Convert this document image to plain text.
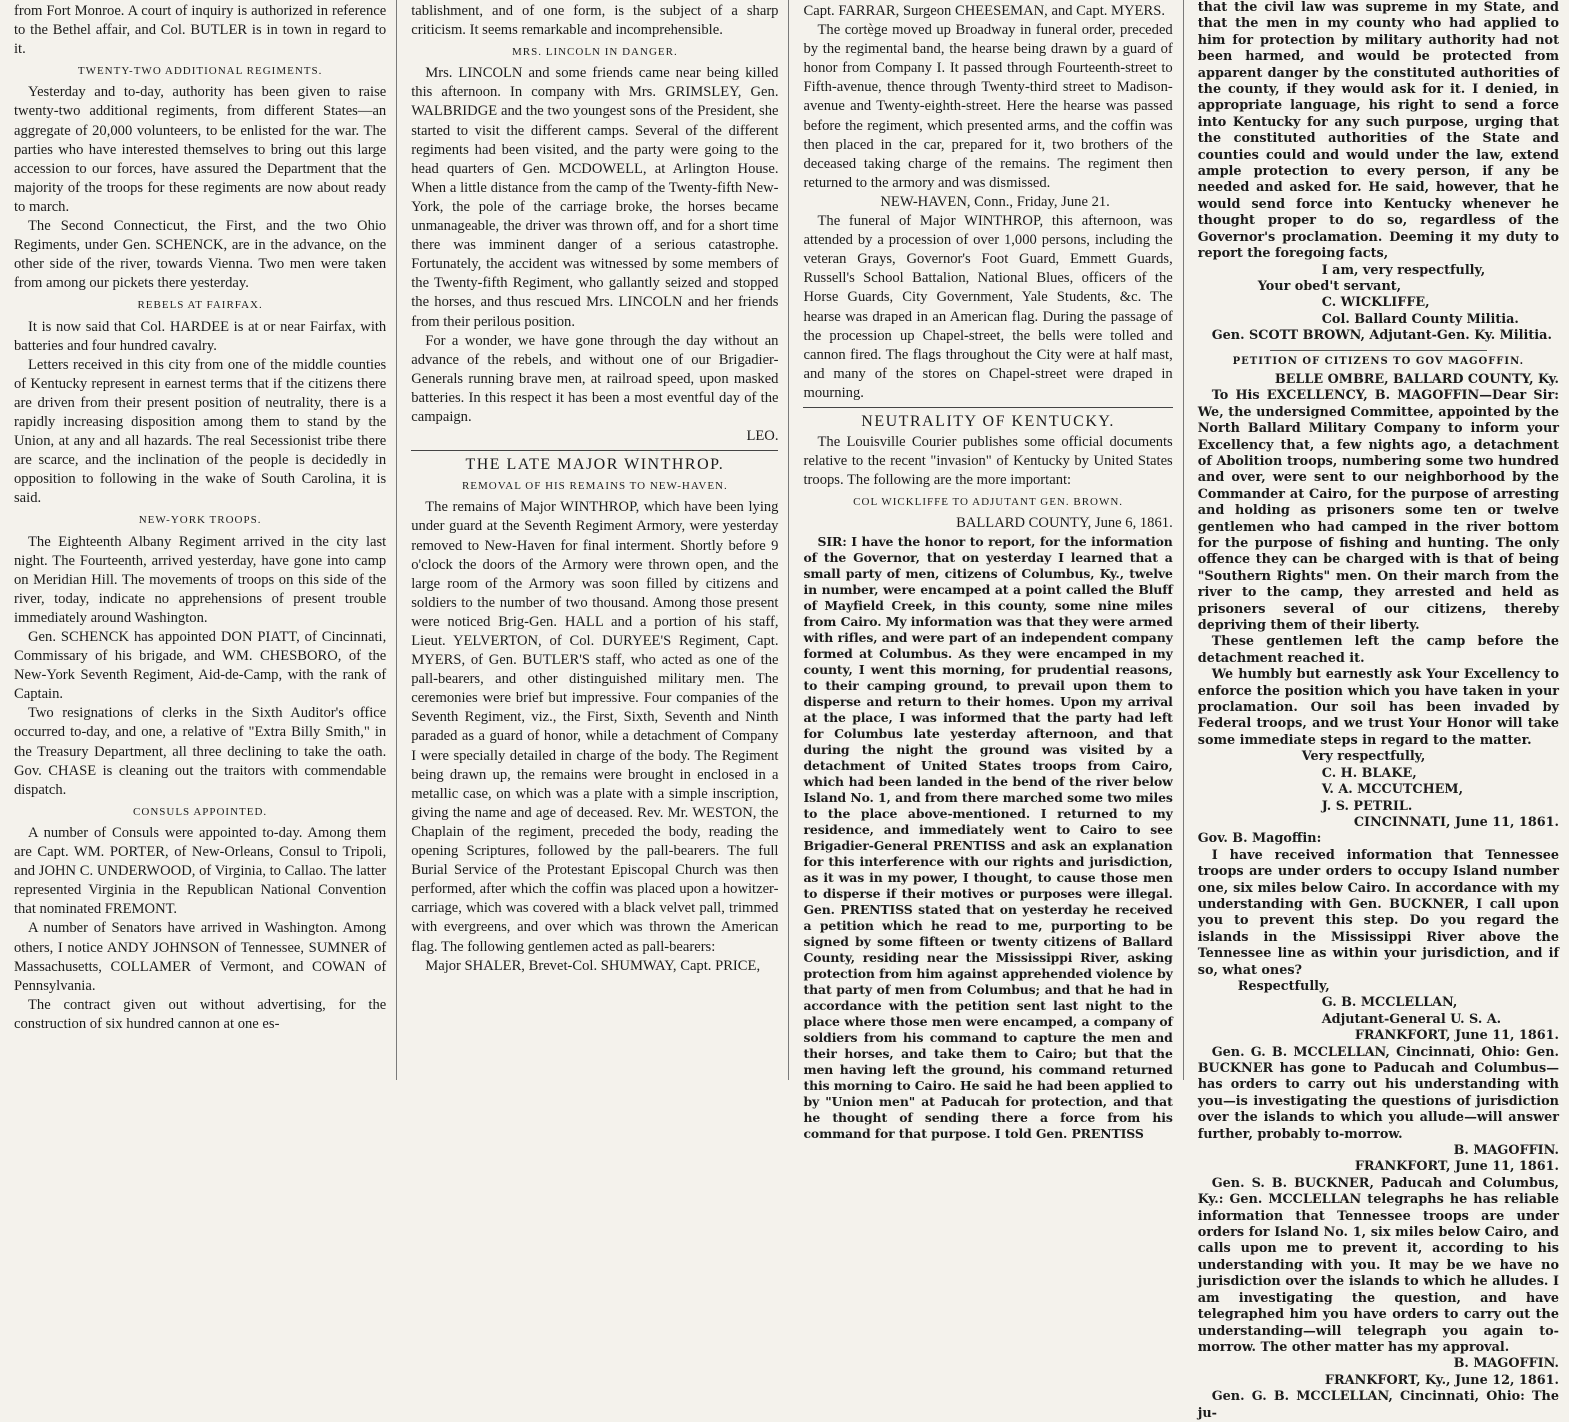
from Fort Monroe. A court of inquiry is authorized in reference to the Bethel affair, and Col. BUTLER is in town in regard to it.

TWENTY-TWO ADDITIONAL REGIMENTS.

Yesterday and to-day, authority has been given to raise twenty-two additional regiments, from different States—an aggregate of 20,000 volunteers, to be enlisted for the war. The parties who have interested themselves to bring out this large accession to our forces, have assured the Department that the majority of the troops for these regiments are now about ready to march.

The Second Connecticut, the First, and the two Ohio Regiments, under Gen. SCHENCK, are in the advance, on the other side of the river, towards Vienna. Two men were taken from among our pickets there yesterday.

REBELS AT FAIRFAX.

It is now said that Col. HARDEE is at or near Fairfax, with batteries and four hundred cavalry.

Letters received in this city from one of the middle counties of Kentucky represent in earnest terms that if the citizens there are driven from their present position of neutrality, there is a rapidly increasing disposition among them to stand by the Union, at any and all hazards. The real Secessionist tribe there are scarce, and the inclination of the people is decidedly in opposition to following in the wake of South Carolina, it is said.

NEW-YORK TROOPS.

The Eighteenth Albany Regiment arrived in the city last night. The Fourteenth, arrived yesterday, have gone into camp on Meridian Hill. The movements of troops on this side of the river, today, indicate no apprehensions of present trouble immediately around Washington.

Gen. SCHENCK has appointed DON PIATT, of Cincinnati, Commissary of his brigade, and WM. CHESBORO, of the New-York Seventh Regiment, Aid-de-Camp, with the rank of Captain.

Two resignations of clerks in the Sixth Auditor's office occurred to-day, and one, a relative of "Extra Billy Smith," in the Treasury Department, all three declining to take the oath. Gov. CHASE is cleaning out the traitors with commendable dispatch.

CONSULS APPOINTED.

A number of Consuls were appointed to-day. Among them are Capt. WM. PORTER, of New-Orleans, Consul to Tripoli, and JOHN C. UNDERWOOD, of Virginia, to Callao. The latter represented Virginia in the Republican National Convention that nominated FREMONT.

A number of Senators have arrived in Washington. Among others, I notice ANDY JOHNSON of Tennessee, SUMNER of Massachusetts, COLLAMER of Vermont, and COWAN of Pennsylvania.

The contract given out without advertising, for the construction of six hundred cannon at one es-

tablishment, and of one form, is the subject of a sharp criticism. It seems remarkable and incomprehensible.

MRS. LINCOLN IN DANGER.

Mrs. LINCOLN and some friends came near being killed this afternoon. In company with Mrs. GRIMSLEY, Gen. WALBRIDGE and the two youngest sons of the President, she started to visit the different camps. Several of the different regiments had been visited, and the party were going to the head quarters of Gen. MCDOWELL, at Arlington House. When a little distance from the camp of the Twenty-fifth New-York, the pole of the carriage broke, the horses became unmanageable, the driver was thrown off, and for a short time there was imminent danger of a serious catastrophe. Fortunately, the accident was witnessed by some members of the Twenty-fifth Regiment, who gallantly seized and stopped the horses, and thus rescued Mrs. LINCOLN and her friends from their perilous position.

For a wonder, we have gone through the day without an advance of the rebels, and without one of our Brigadier-Generals running brave men, at railroad speed, upon masked batteries. In this respect it has been a most eventful day of the campaign.

LEO.

THE LATE MAJOR WINTHROP.
REMOVAL OF HIS REMAINS TO NEW-HAVEN.

The remains of Major WINTHROP, which have been lying under guard at the Seventh Regiment Armory, were yesterday removed to New-Haven for final interment. Shortly before 9 o'clock the doors of the Armory were thrown open, and the large room of the Armory was soon filled by citizens and soldiers to the number of two thousand. Among those present were noticed Brig-Gen. HALL and a portion of his staff, Lieut. YELVERTON, of Col. DURYEE'S Regiment, Capt. MYERS, of Gen. BUTLER'S staff, who acted as one of the pall-bearers, and other distinguished military men. The ceremonies were brief but impressive. Four companies of the Seventh Regiment, viz., the First, Sixth, Seventh and Ninth paraded as a guard of honor, while a detachment of Company I were specially detailed in charge of the body. The Regiment being drawn up, the remains were brought in enclosed in a metallic case, on which was a plate with a simple inscription, giving the name and age of deceased. Rev. Mr. WESTON, the Chaplain of the regiment, preceded the body, reading the opening Scriptures, followed by the pall-bearers. The full Burial Service of the Protestant Episcopal Church was then performed, after which the coffin was placed upon a howitzer-carriage, which was covered with a black velvet pall, trimmed with evergreens, and over which was thrown the American flag. The following gentlemen acted as pall-bearers:

Major SHALER, Brevet-Col. SHUMWAY, Capt. PRICE,

Capt. FARRAR, Surgeon CHEESEMAN, and Capt. MYERS.

The cortège moved up Broadway in funeral order, preceded by the regimental band, the hearse being drawn by a guard of honor from Company I. It passed through Fourteenth-street to Fifth-avenue, thence through Twenty-third street to Madison-avenue and Twenty-eighth-street. Here the hearse was passed before the regiment, which presented arms, and the coffin was then placed in the car, prepared for it, two brothers of the deceased taking charge of the remains. The regiment then returned to the armory and was dismissed.

NEW-HAVEN, Conn., Friday, June 21.

The funeral of Major WINTHROP, this afternoon, was attended by a procession of over 1,000 persons, including the veteran Grays, Governor's Foot Guard, Emmett Guards, Russell's School Battalion, National Blues, officers of the Horse Guards, City Government, Yale Students, &c. The hearse was draped in an American flag. During the passage of the procession up Chapel-street, the bells were tolled and cannon fired. The flags throughout the City were at half mast, and many of the stores on Chapel-street were draped in mourning.

NEUTRALITY OF KENTUCKY.

The Louisville Courier publishes some official documents relative to the recent "invasion" of Kentucky by United States troops. The following are the more important:

COL WICKLIFFE TO ADJUTANT GEN. BROWN.

BALLARD COUNTY, June 6, 1861.

SIR: I have the honor to report, for the information of the Governor, that on yesterday I learned that a small party of men, citizens of Columbus, Ky., twelve in number, were encamped at a point called the Bluff of Mayfield Creek, in this county, some nine miles from Cairo. My information was that they were armed with rifles, and were part of an independent company formed at Columbus. As they were encamped in my county, I went this morning, for prudential reasons, to their camping ground, to prevail upon them to disperse and return to their homes. Upon my arrival at the place, I was informed that the party had left for Columbus late yesterday afternoon, and that during the night the ground was visited by a detachment of United States troops from Cairo, which had been landed in the bend of the river below Island No. 1, and from there marched some two miles to the place above-mentioned. I returned to my residence, and immediately went to Cairo to see Brigadier-General PRENTISS and ask an explanation for this interference with our rights and jurisdiction, as it was in my power, I thought, to cause those men to disperse if their motives or purposes were illegal. Gen. PRENTISS stated that on yesterday he received a petition which he read to me, purporting to be signed by some fifteen or twenty citizens of Ballard County, residing near the Mississippi River, asking protection from him against apprehended violence by that party of men from Columbus; and that he had in accordance with the petition sent last night to the place where those men were encamped, a company of soldiers from his command to capture the men and their horses, and take them to Cairo; but that the men having left the ground, his command returned this morning to Cairo. He said he had been applied to by "Union men" at Paducah for protection, and that he thought of sending there a force from his command for that purpose. I told Gen. PRENTISS

that the civil law was supreme in my State, and that the men in my county who had applied to him for protection by military authority had not been harmed, and would be protected from apparent danger by the constituted authorities of the county, if they would ask for it. I denied, in appropriate language, his right to send a force into Kentucky for any such purpose, urging that the constituted authorities of the State and counties could and would under the law, extend ample protection to every person, if any be needed and asked for. He said, however, that he would send force into Kentucky whenever he thought proper to do so, regardless of the Governor's proclamation. Deeming it my duty to report the foregoing facts,

I am, very respectfully,

Your obed't servant,

C. WICKLIFFE,

Col. Ballard County Militia.

Gen. SCOTT BROWN, Adjutant-Gen. Ky. Militia.

PETITION OF CITIZENS TO GOV MAGOFFIN.

BELLE OMBRE, BALLARD COUNTY, Ky.

To His EXCELLENCY, B. MAGOFFIN—Dear Sir: We, the undersigned Committee, appointed by the North Ballard Military Company to inform your Excellency that, a few nights ago, a detachment of Abolition troops, numbering some two hundred and over, were sent to our neighborhood by the Commander at Cairo, for the purpose of arresting and holding as prisoners some ten or twelve gentlemen who had camped in the river bottom for the purpose of fishing and hunting. The only offence they can be charged with is that of being "Southern Rights" men. On their march from the river to the camp, they arrested and held as prisoners several of our citizens, thereby depriving them of their liberty.

These gentlemen left the camp before the detachment reached it.

We humbly but earnestly ask Your Excellency to enforce the position which you have taken in your proclamation. Our soil has been invaded by Federal troops, and we trust Your Honor will take some immediate steps in regard to the matter.

Very respectfully,

C. H. BLAKE,

V. A. MCCUTCHEM,

J. S. PETRIL.

CINCINNATI, June 11, 1861.

Gov. B. Magoffin:

I have received information that Tennessee troops are under orders to occupy Island number one, six miles below Cairo. In accordance with my understanding with Gen. BUCKNER, I call upon you to prevent this step. Do you regard the islands in the Mississippi River above the Tennessee line as within your jurisdiction, and if so, what ones?

Respectfully,

G. B. MCCLELLAN,

Adjutant-General U. S. A.

FRANKFORT, June 11, 1861.

Gen. G. B. MCCLELLAN, Cincinnati, Ohio: Gen. BUCKNER has gone to Paducah and Columbus—has orders to carry out his understanding with you—is investigating the questions of jurisdiction over the islands to which you allude—will answer further, probably to-morrow.

B. MAGOFFIN.

FRANKFORT, June 11, 1861.

Gen. S. B. BUCKNER, Paducah and Columbus, Ky.: Gen. MCCLELLAN telegraphs he has reliable information that Tennessee troops are under orders for Island No. 1, six miles below Cairo, and calls upon me to prevent it, according to his understanding with you. It may be we have no jurisdiction over the islands to which he alludes. I am investigating the question, and have telegraphed him you have orders to carry out the understanding—will telegraph you again to-morrow. The other matter has my approval.

B. MAGOFFIN.

FRANKFORT, Ky., June 12, 1861.

Gen. G. B. MCCLELLAN, Cincinnati, Ohio: The ju-
